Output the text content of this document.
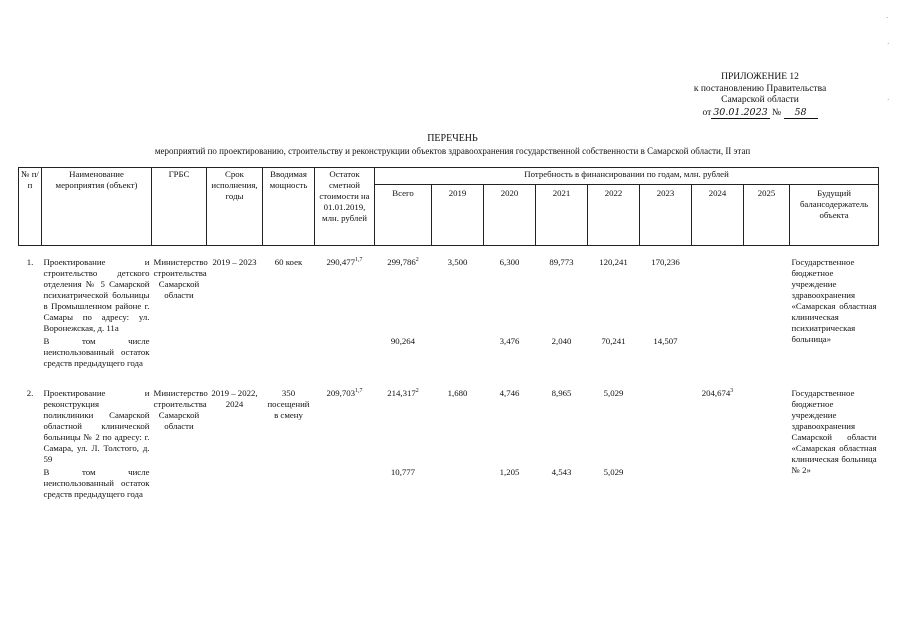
ПРИЛОЖЕНИЕ 12
к постановлению Правительства
Самарской области
от 30.01.2023 № 58
ПЕРЕЧЕНЬ
мероприятий по проектированию, строительству и реконструкции объектов здравоохранения государственной собственности в Самарской области, II этап
№ п/п	Наименование мероприятия (объект)	ГРБС	Срок исполнения, годы	Вводимая мощность	Остаток сметной стоимости на 01.01.2019, млн. рублей	Потребность в финансировании по годам, млн. рублей								
						Всего	2019	2020	2021	2022	2023	2024	2025	Будущий балансодержатель объекта

1.	Проектирование и строительство детского отделения № 5 Самарской психиатрической больницы в Промышленном районе г. Самары по адресу: ул. Воронежская, д. 11а	Министерство строительства Самарской области	2019 – 2023	60 коек	290,477$^{1,7}$	299,786$^2$	3,500	6,300	89,773	120,241	170,236			Государственное бюджетное учреждение здравоохранения «Самарская областная клиническая психиатрическая больница»
	В том числе неиспользованный остаток средств предыдущего года					90,264		3,476	2,040	70,241	14,507			
2.	Проектирование и реконструкция поликлиники Самарской областной клинической больницы № 2 по адресу: г. Самара, ул. Л. Толстого, д. 59	Министерство строительства Самарской области	2019 – 2022, 2024	350 посещений в смену	209,703$^{1,7}$	214,317$^2$	1,680	4,746	8,965	5,029		204,674$^3$		Государственное бюджетное учреждение здравоохранения Самарской области «Самарская областная клиническая больница № 2»
	В том числе неиспользованный остаток средств предыдущего года					10,777		1,205	4,543	5,029				
·
·
·
